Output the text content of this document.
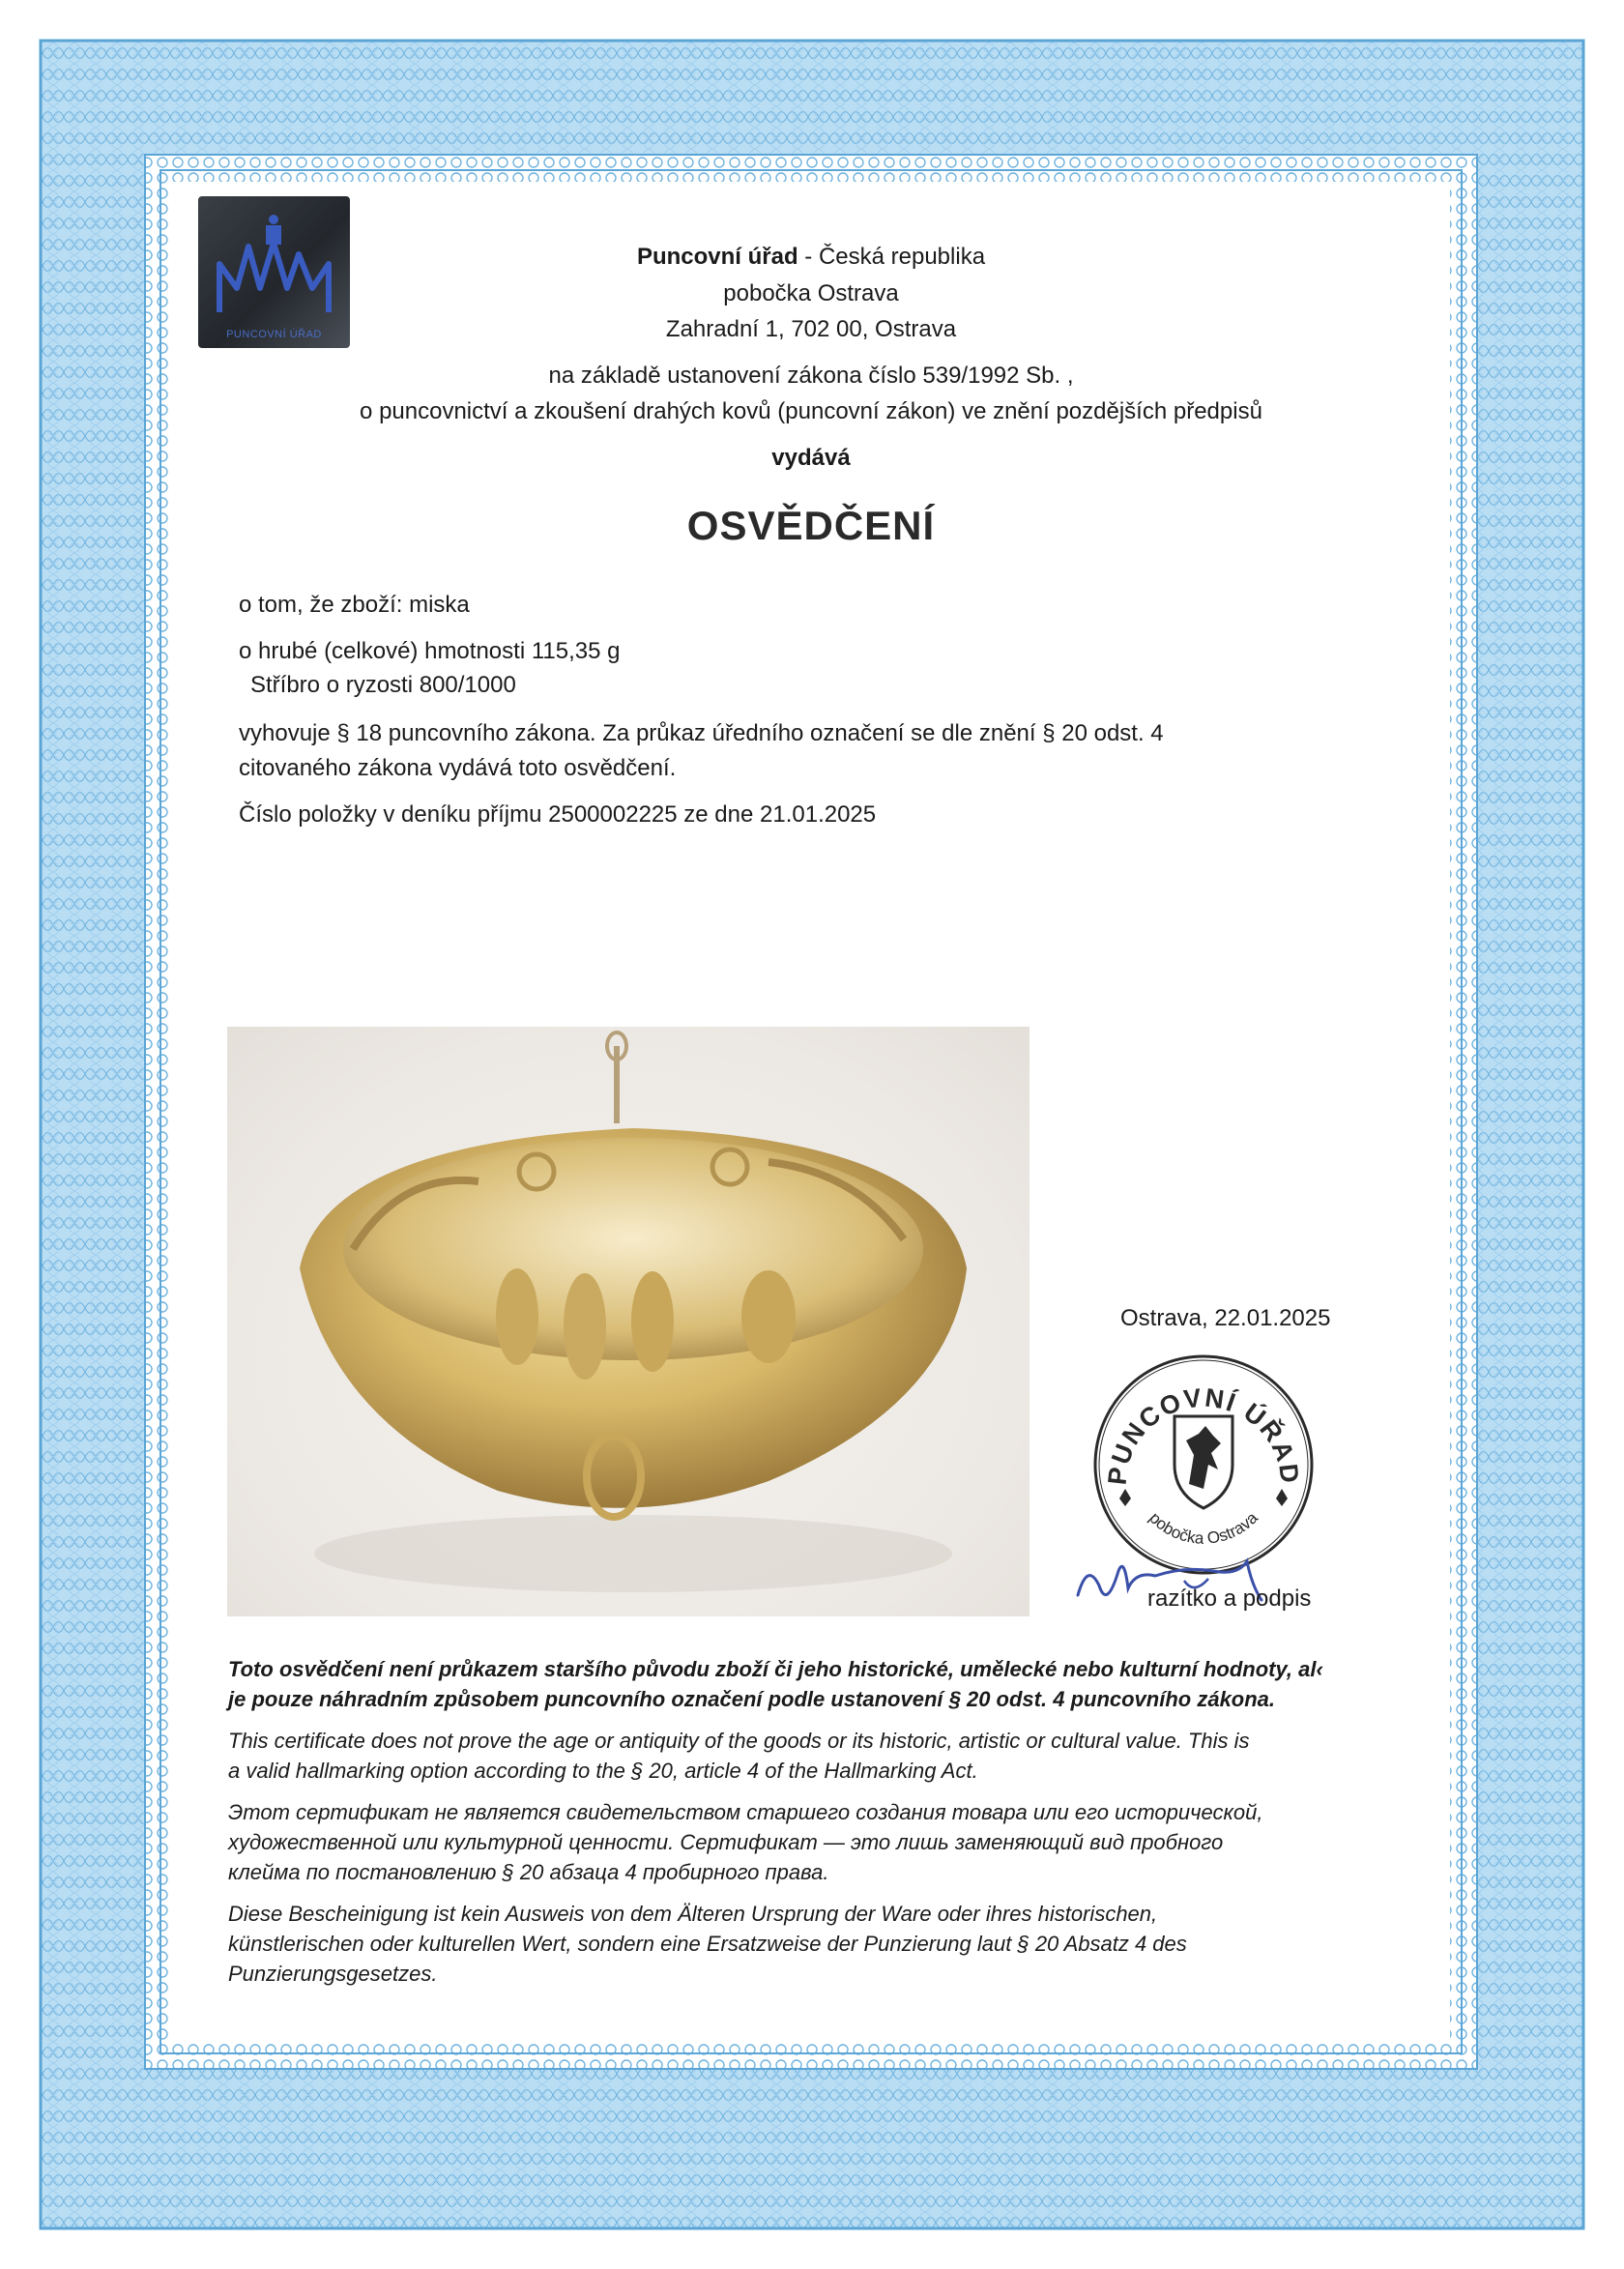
PUNCOVNÍ ÚŘAD
Puncovní úřad - Česká republika
pobočka Ostrava
Zahradní 1, 702 00, Ostrava
na základě ustanovení zákona číslo 539/1992 Sb. ,
o puncovnictví a zkoušení drahých kovů (puncovní zákon) ve znění pozdějších předpisů
vydává
OSVĚDČENÍ
o tom, že zboží: miska
o hrubé (celkové) hmotnosti 115,35 g
Stříbro o ryzosti 800/1000
vyhovuje § 18 puncovního zákona. Za průkaz úředního označení se dle znění § 20 odst. 4
citovaného zákona vydává toto osvědčení.
Číslo položky v deníku příjmu 2500002225 ze dne 21.01.2025
Ostrava, 22.01.2025
PUNCOVNÍ ÚŘAD
pobočka Ostrava
razítko a podpis
Toto osvědčení není průkazem staršího původu zboží či jeho historické, umělecké nebo kulturní hodnoty, al‹
je pouze náhradním způsobem puncovního označení podle ustanovení § 20 odst. 4 puncovního zákona.
This certificate does not prove the age or antiquity of the goods or its historic, artistic or cultural value. This is
a valid hallmarking option according to the § 20, article 4 of the Hallmarking Act.
Этот сертификат не является свидетельством старшего создания товара или его исторической,
художественной или культурной ценности. Сертификат — это лишь заменяющий вид пробного
клейма по постановлению § 20 абзаца 4 пробирного права.
Diese Bescheinigung ist kein Ausweis von dem Älteren Ursprung der Ware oder ihres historischen,
künstlerischen oder kulturellen Wert, sondern eine Ersatzweise der Punzierung laut § 20 Absatz 4 des
Punzierungsgesetzes.
